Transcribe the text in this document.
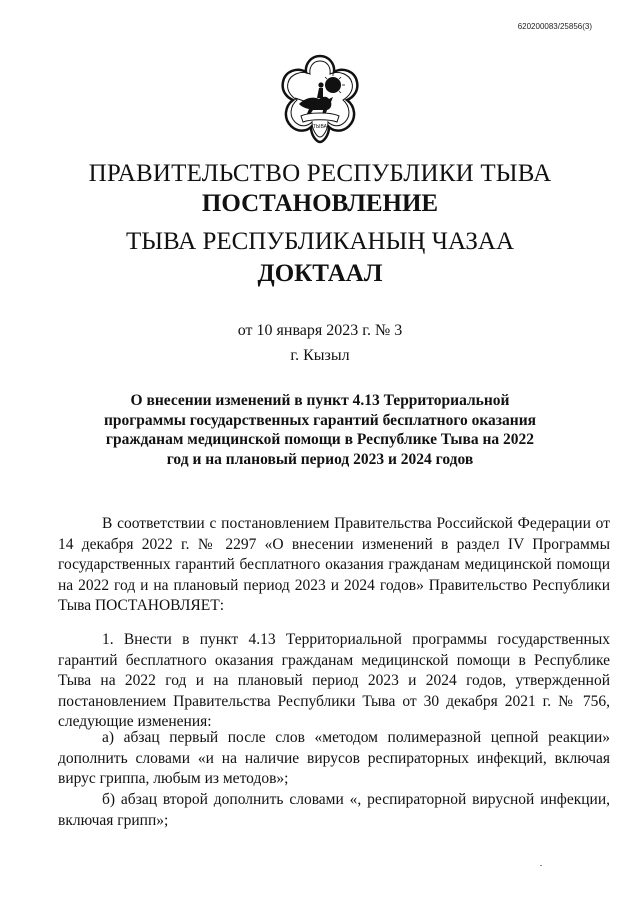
620200083/25856(3)
ТЫВА
ПРАВИТЕЛЬСТВО РЕСПУБЛИКИ ТЫВА
ПОСТАНОВЛЕНИЕ
ТЫВА РЕСПУБЛИКАНЫҢ ЧАЗАА
ДОКТААЛ
от 10 января 2023 г. № 3
г. Кызыл
О внесении изменений в пункт 4.13 Территориальной программы государственных гарантий бесплатного оказания гражданам медицинской помощи в Республике Тыва на 2022 год и на плановый период 2023 и 2024 годов

В соответствии с постановлением Правительства Российской Федерации от 14 декабря 2022 г. № 2297 «О внесении изменений в раздел IV Программы государственных гарантий бесплатного оказания гражданам медицинской помощи на 2022 год и на плановый период 2023 и 2024 годов» Правительство Республики Тыва ПОСТАНОВЛЯЕТ:

1. Внести в пункт 4.13 Территориальной программы государственных гарантий бесплатного оказания гражданам медицинской помощи в Республике Тыва на 2022 год и на плановый период 2023 и 2024 годов, утвержденной постановлением Правительства Республики Тыва от 30 декабря 2021 г. № 756, следующие изменения:

а) абзац первый после слов «методом полимеразной цепной реакции» дополнить словами «и на наличие вирусов респираторных инфекций, включая вирус гриппа, любым из методов»;

б) абзац второй дополнить словами «, респираторной вирусной инфекции, включая грипп»;
